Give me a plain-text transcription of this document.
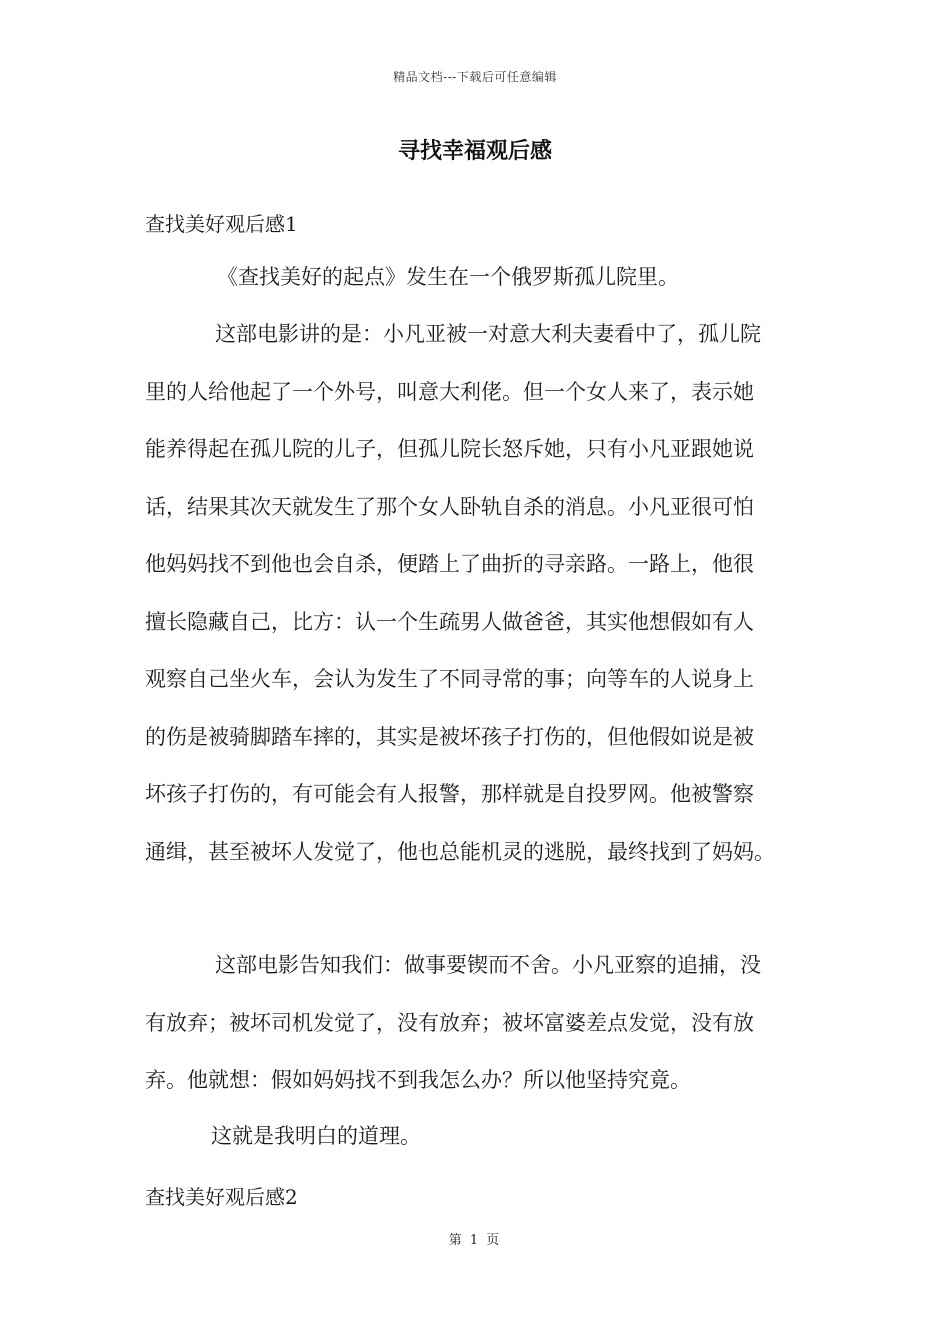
精品文档---下载后可任意编辑
寻找幸福观后感
查找美好观后感1
《查找美好的起点》发生在一个俄罗斯孤儿院里。
这部电影讲的是：小凡亚被一对意大利夫妻看中了，孤儿院
里的人给他起了一个外号，叫意大利佬。但一个女人来了，表示她
能养得起在孤儿院的儿子，但孤儿院长怒斥她，只有小凡亚跟她说
话，结果其次天就发生了那个女人卧轨自杀的消息。小凡亚很可怕
他妈妈找不到他也会自杀，便踏上了曲折的寻亲路。一路上，他很
擅长隐藏自己，比方：认一个生疏男人做爸爸，其实他想假如有人
观察自己坐火车，会认为发生了不同寻常的事；向等车的人说身上
的伤是被骑脚踏车摔的，其实是被坏孩子打伤的，但他假如说是被
坏孩子打伤的，有可能会有人报警，那样就是自投罗网。他被警察
通缉，甚至被坏人发觉了，他也总能机灵的逃脱，最终找到了妈妈。
这部电影告知我们：做事要锲而不舍。小凡亚察的追捕，没
有放弃；被坏司机发觉了，没有放弃；被坏富婆差点发觉，没有放
弃。他就想：假如妈妈找不到我怎么办？所以他坚持究竟。
这就是我明白的道理。
查找美好观后感2
第 1 页
